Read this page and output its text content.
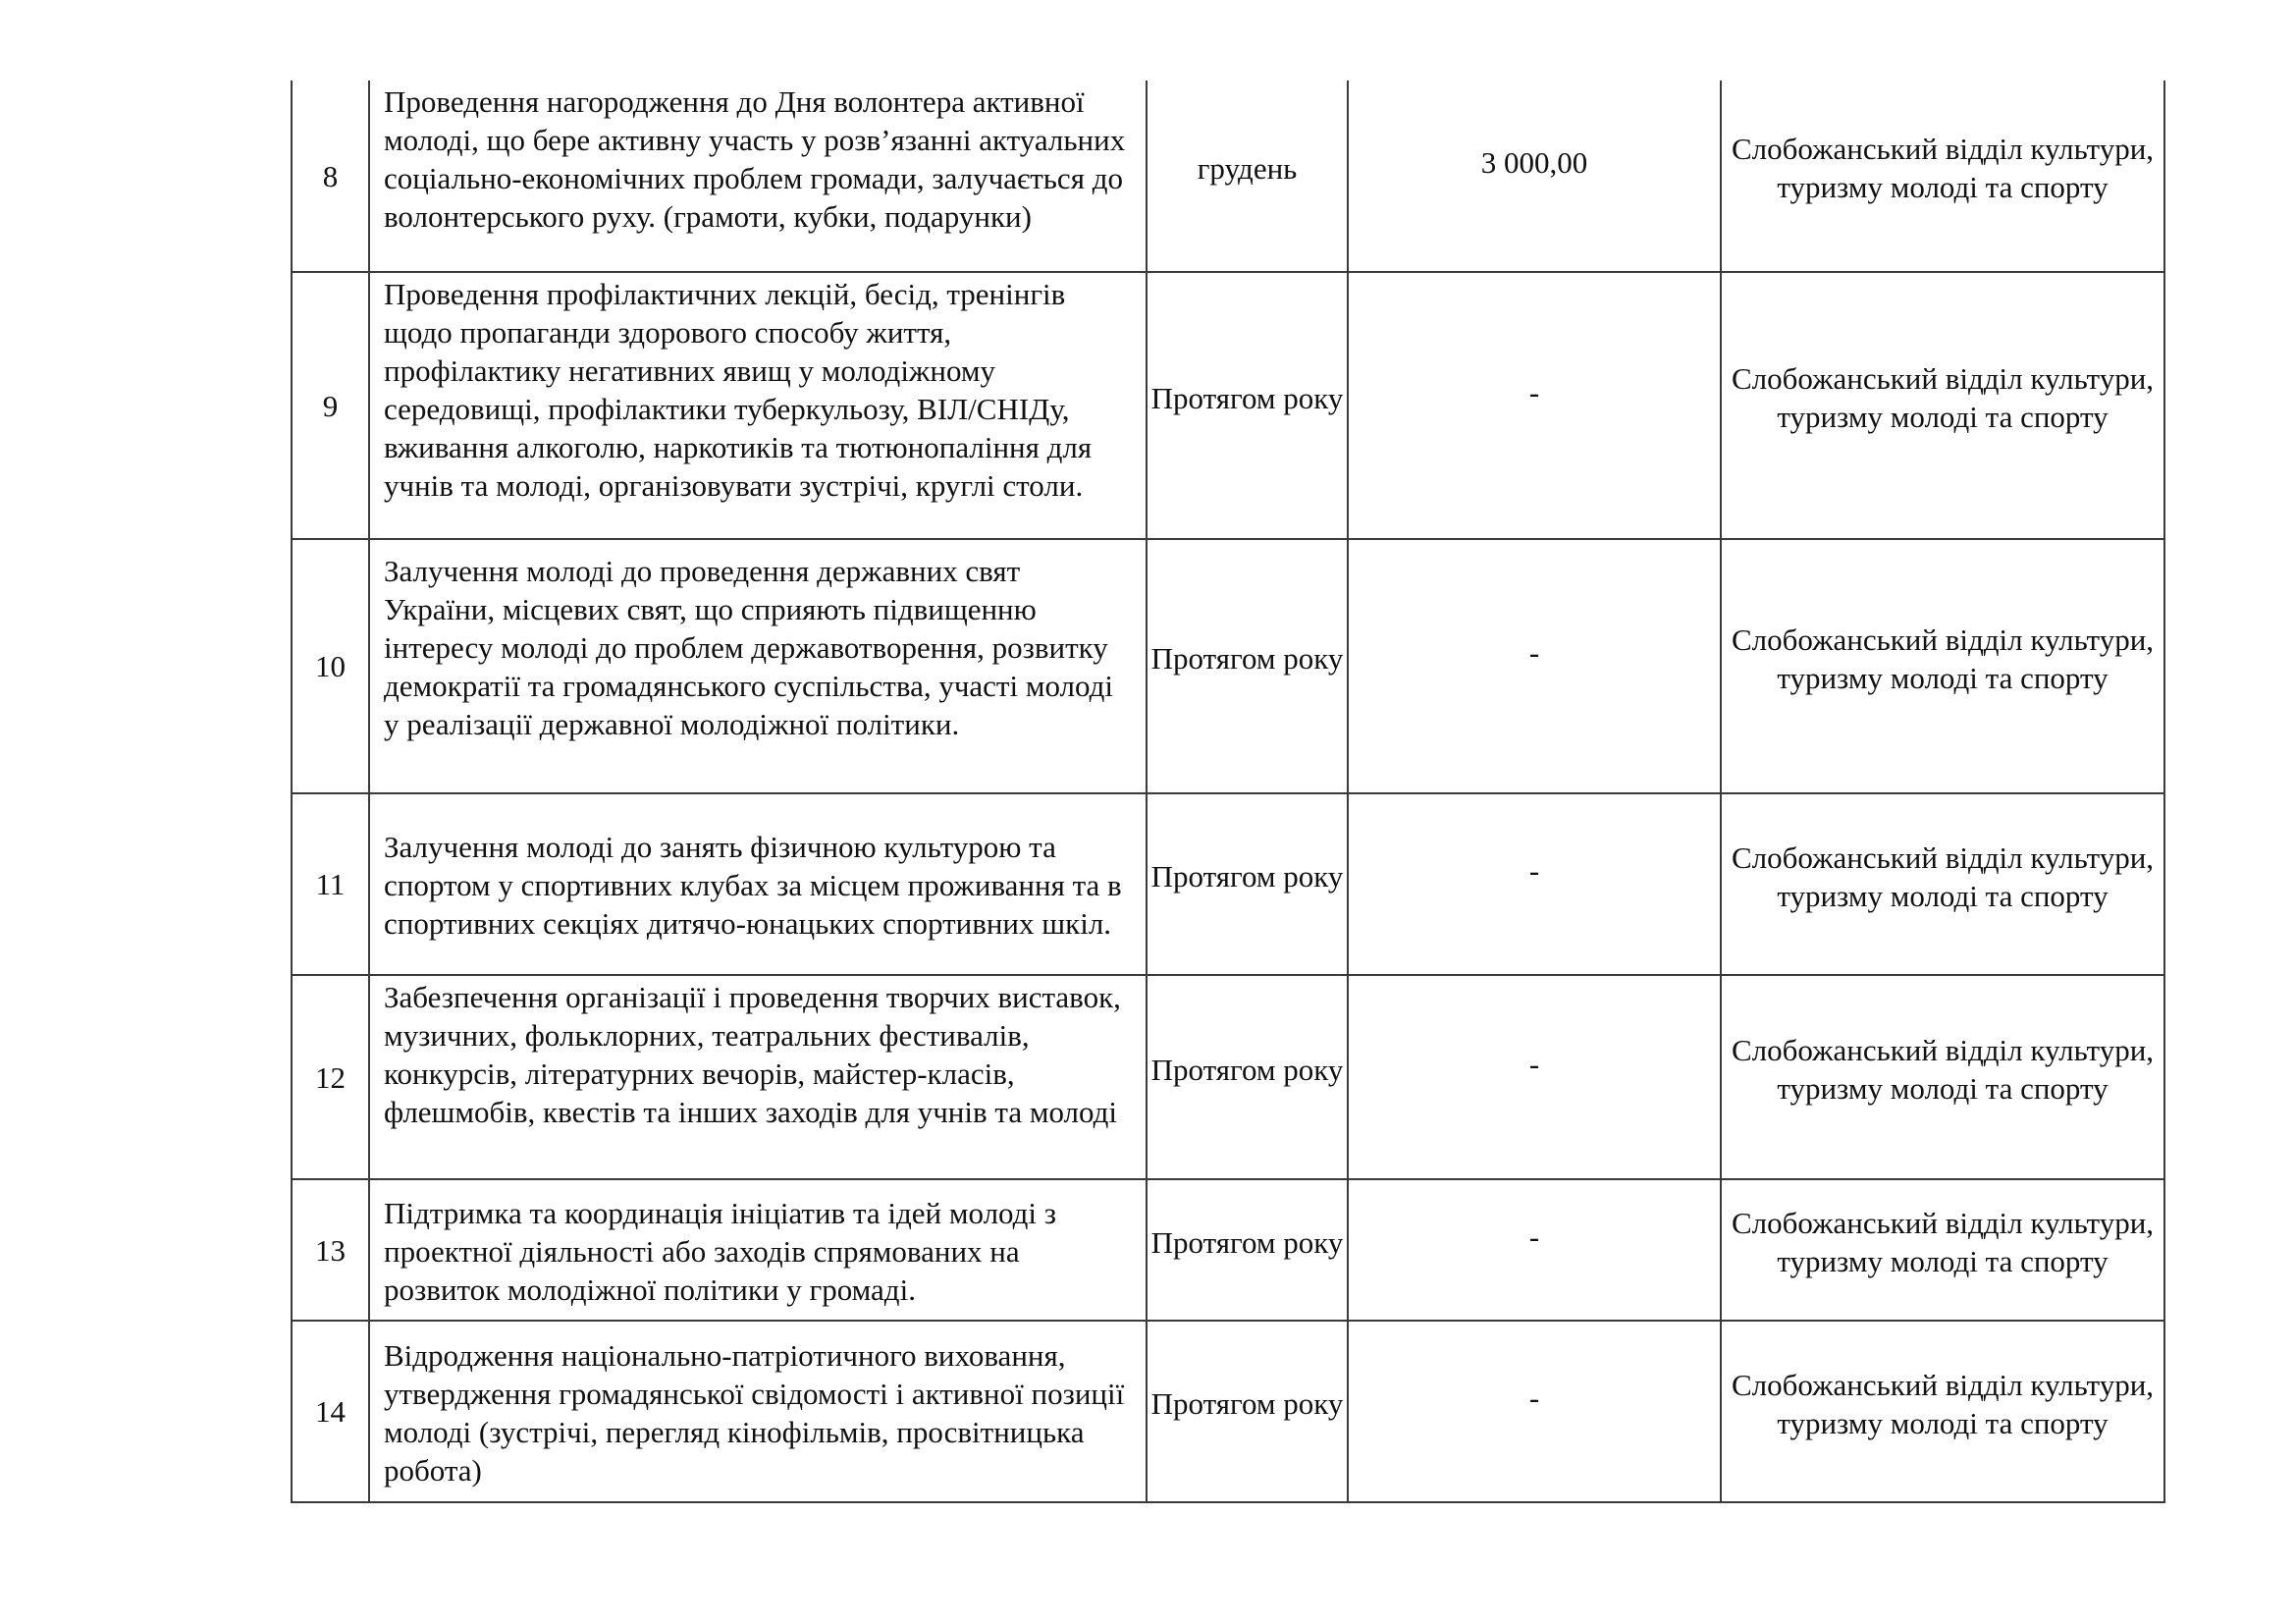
8	Проведення нагородження до Дня волонтера активної молоді, що бере активну участь у розв’язанні актуальних соціально-економічних проблем громади, залучається до волонтерського руху. (грамоти, кубки, подарунки)	грудень	3 000,00	Слобожанський відділ культури, туризму молоді та спорту
9	Проведення профілактичних лекцій, бесід, тренінгів щодо пропаганди здорового способу життя, профілактику негативних явищ у молодіжному середовищі, профілактики туберкульозу, ВІЛ/СНІДу, вживання алкоголю, наркотиків та тютюнопаління для учнів та молоді, організовувати зустрічі, круглі столи.	Протягом року	-	Слобожанський відділ культури, туризму молоді та спорту
10	Залучення молоді до проведення державних свят України, місцевих свят, що сприяють підвищенню інтересу молоді до проблем державотворення, розвитку демократії та громадянського суспільства, участі молоді у реалізації державної молодіжної політики.	Протягом року	-	Слобожанський відділ культури, туризму молоді та спорту
11	Залучення молоді до занять фізичною культурою та спортом у спортивних клубах за місцем проживання та в спортивних секціях дитячо-юнацьких спортивних шкіл.	Протягом року	-	Слобожанський відділ культури, туризму молоді та спорту
12	Забезпечення організації і проведення творчих виставок, музичних, фольклорних, театральних фестивалів, конкурсів, літературних вечорів, майстер-класів, флешмобів, квестів та інших заходів для учнів та молоді	Протягом року	-	Слобожанський відділ культури, туризму молоді та спорту
13	Підтримка та координація ініціатив та ідей молоді з проектної діяльності або заходів спрямованих на розвиток молодіжної політики у громаді.	Протягом року	-	Слобожанський відділ культури, туризму молоді та спорту
14	Відродження національно-патріотичного виховання, утвердження громадянської свідомості і активної позиції молоді (зустрічі, перегляд кінофільмів, просвітницька робота)	Протягом року	-	Слобожанський відділ культури, туризму молоді та спорту
